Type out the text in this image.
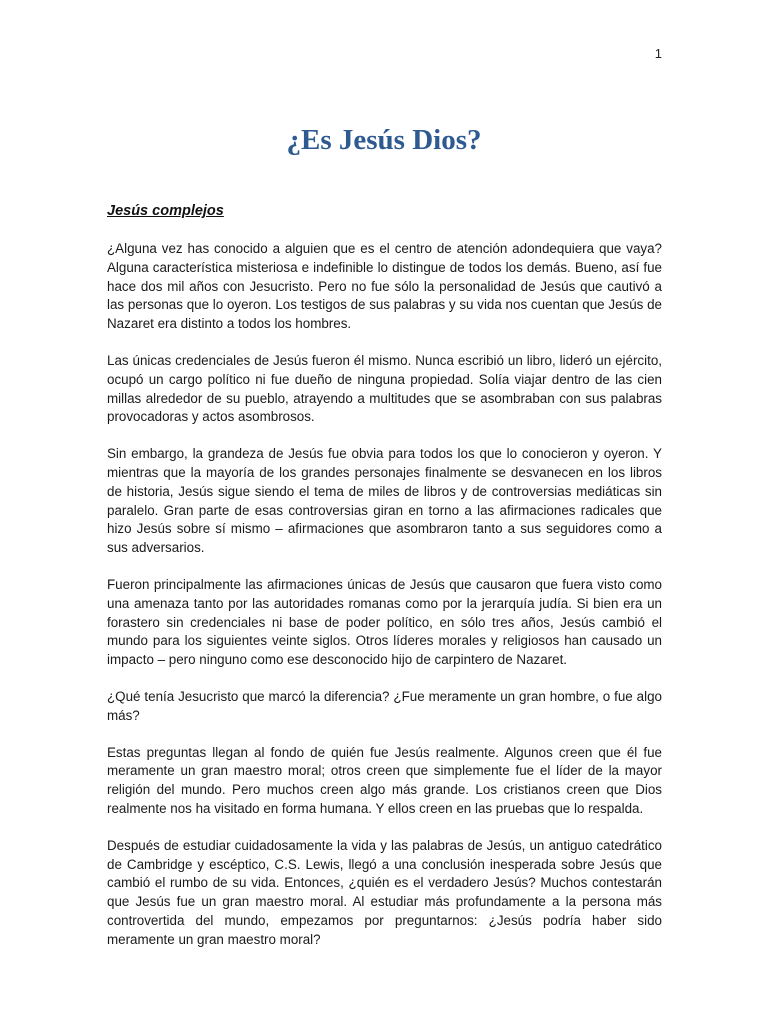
1
¿Es Jesús Dios?
Jesús complejos

¿Alguna vez has conocido a alguien que es el centro de atención adondequiera que vaya? Alguna característica misteriosa e indefinible lo distingue de todos los demás. Bueno, así fue hace dos mil años con Jesucristo. Pero no fue sólo la personalidad de Jesús que cautivó a las personas que lo oyeron. Los testigos de sus palabras y su vida nos cuentan que Jesús de Nazaret era distinto a todos los hombres.

Las únicas credenciales de Jesús fueron él mismo. Nunca escribió un libro, lideró un ejército, ocupó un cargo político ni fue dueño de ninguna propiedad. Solía viajar dentro de las cien millas alrededor de su pueblo, atrayendo a multitudes que se asombraban con sus palabras provocadoras y actos asombrosos.

Sin embargo, la grandeza de Jesús fue obvia para todos los que lo conocieron y oyeron. Y mientras que la mayoría de los grandes personajes finalmente se desvanecen en los libros de historia, Jesús sigue siendo el tema de miles de libros y de controversias mediáticas sin paralelo. Gran parte de esas controversias giran en torno a las afirmaciones radicales que hizo Jesús sobre sí mismo – afirmaciones que asombraron tanto a sus seguidores como a sus adversarios.

Fueron principalmente las afirmaciones únicas de Jesús que causaron que fuera visto como una amenaza tanto por las autoridades romanas como por la jerarquía judía. Si bien era un forastero sin credenciales ni base de poder político, en sólo tres años, Jesús cambió el mundo para los siguientes veinte siglos. Otros líderes morales y religiosos han causado un impacto – pero ninguno como ese desconocido hijo de carpintero de Nazaret.

¿Qué tenía Jesucristo que marcó la diferencia? ¿Fue meramente un gran hombre, o fue algo más?

Estas preguntas llegan al fondo de quién fue Jesús realmente. Algunos creen que él fue meramente un gran maestro moral; otros creen que simplemente fue el líder de la mayor religión del mundo. Pero muchos creen algo más grande. Los cristianos creen que Dios realmente nos ha visitado en forma humana. Y ellos creen en las pruebas que lo respalda.

Después de estudiar cuidadosamente la vida y las palabras de Jesús, un antiguo catedrático de Cambridge y escéptico, C.S. Lewis, llegó a una conclusión inesperada sobre Jesús que cambió el rumbo de su vida. Entonces, ¿quién es el verdadero Jesús? Muchos contestarán que Jesús fue un gran maestro moral. Al estudiar más profundamente a la persona más controvertida del mundo, empezamos por preguntarnos: ¿Jesús podría haber sido meramente un gran maestro moral?
